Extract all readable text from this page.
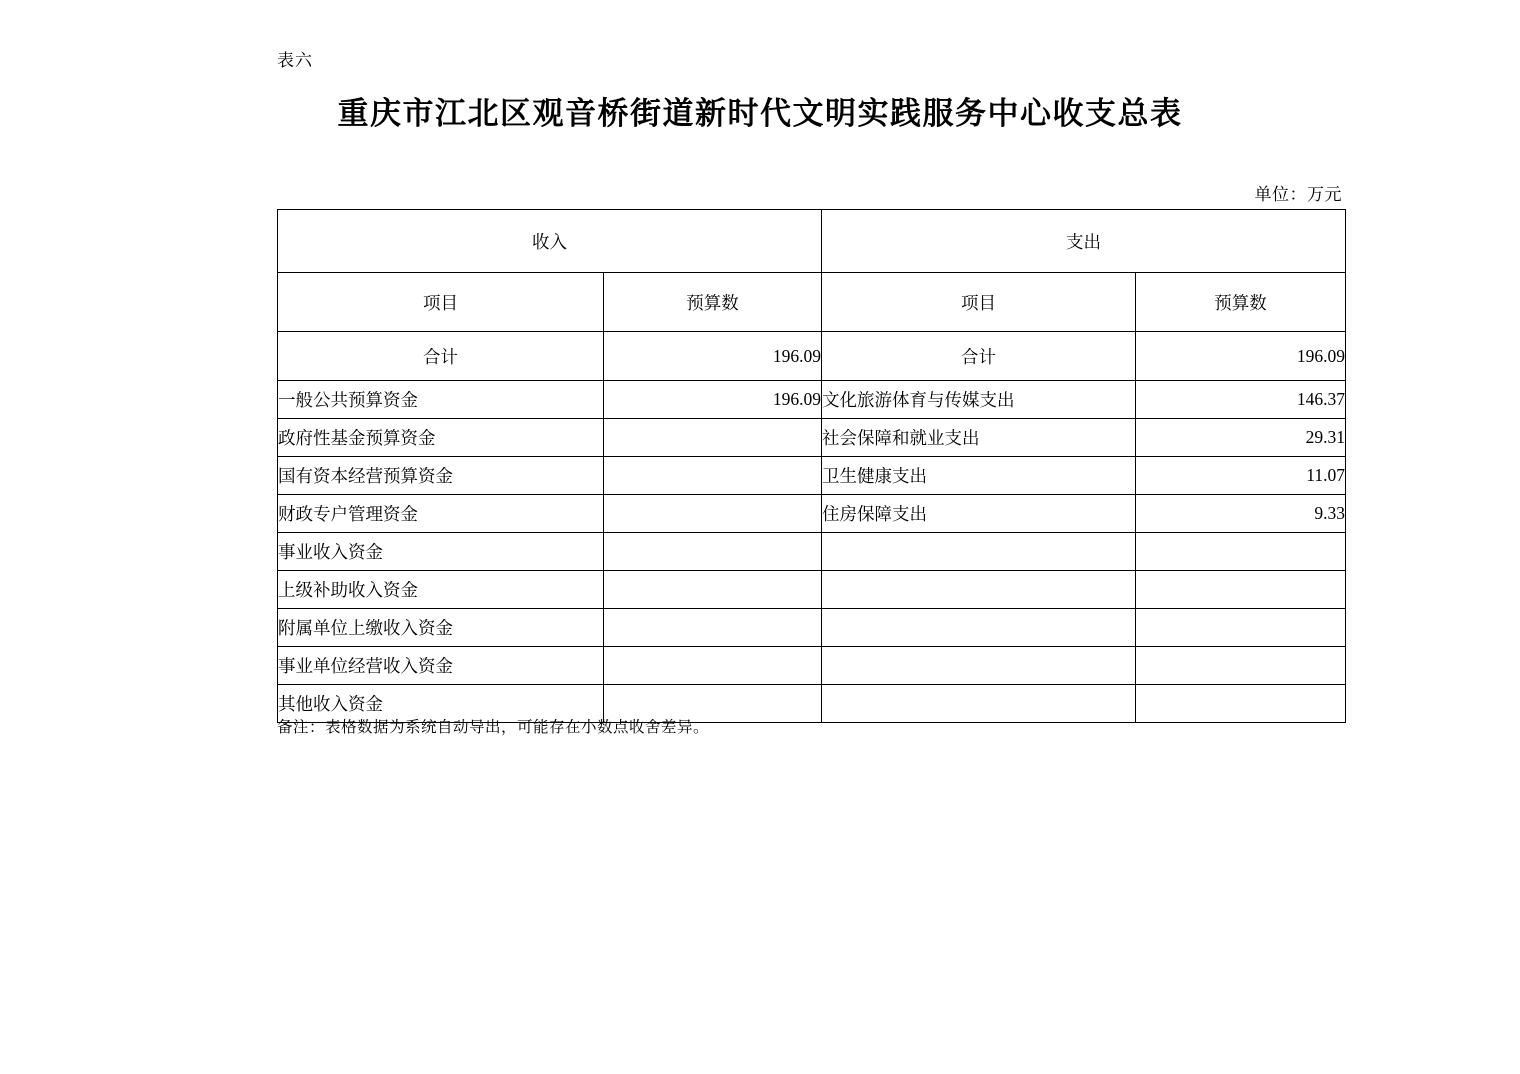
表六
重庆市江北区观音桥街道新时代文明实践服务中心收支总表
单位：万元
收入		支出	
项目	预算数	项目	预算数
合计	196.09	合计	196.09
一般公共预算资金	196.09	文化旅游体育与传媒支出	146.37
政府性基金预算资金		社会保障和就业支出	29.31
国有资本经营预算资金		卫生健康支出	11.07
财政专户管理资金		住房保障支出	9.33
事业收入资金			
上级补助收入资金			
附属单位上缴收入资金			
事业单位经营收入资金			
其他收入资金			
备注：表格数据为系统自动导出，可能存在小数点收舍差异。
